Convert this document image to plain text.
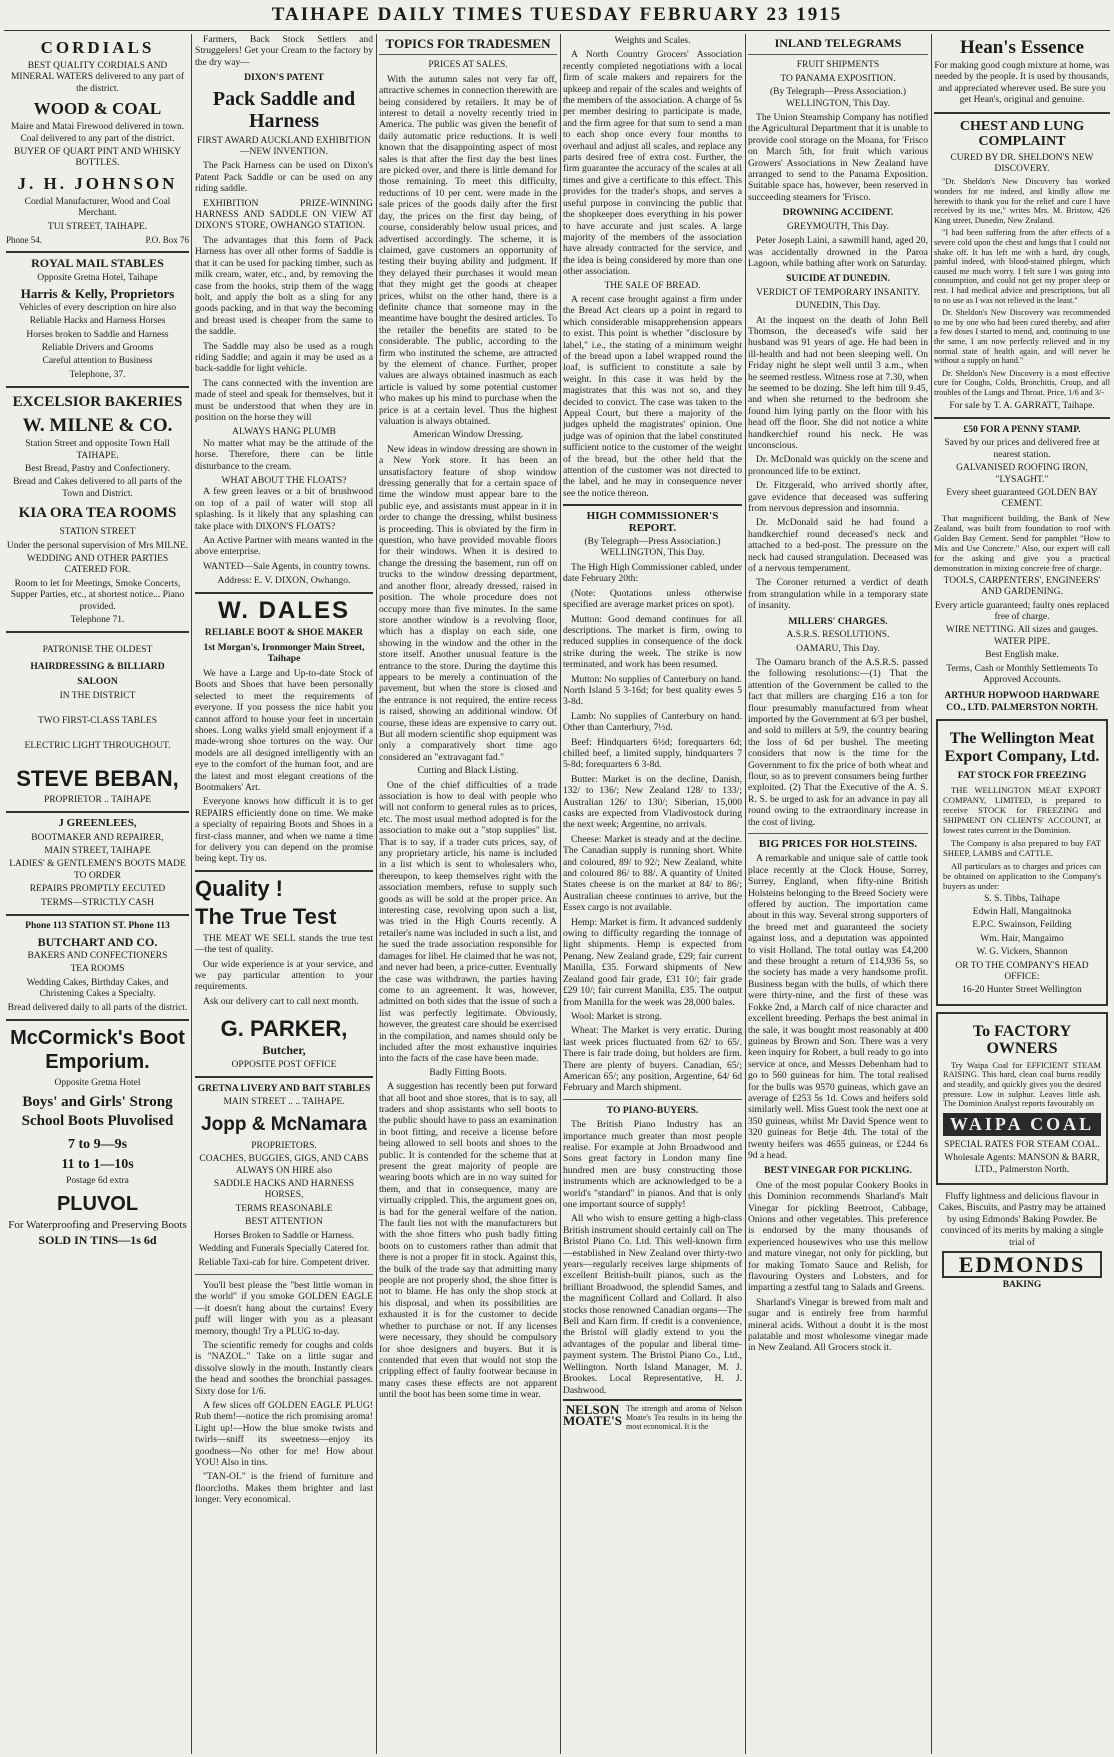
TAIHAPE DAILY TIMES TUESDAY FEBRUARY 23 1915
CORDIALS
BEST QUALITY CORDIALS AND MINERAL WATERS delivered to any part of the district.
WOOD & COAL
Maire and Matai Firewood delivered in town. Coal delivered to any part of the district.
BUYER OF QUART PINT AND WHISKY BOTTLES.
J. H. JOHNSON
Cordial Manufacturer, Wood and Coal Merchant.
TUI STREET, TAIHAPE.
Phone 54.	P.O. Box 76
ROYAL MAIL STABLES
Opposite Gretna Hotel, Taihape
Harris & Kelly, Proprietors
Vehicles of every description on hire also
Reliable Hacks and Harness Horses
Horses broken to Saddle and Harness
Reliable Drivers and Grooms
Careful attention to Business
Telephone, 37.
EXCELSIOR BAKERIES
W. MILNE & CO.
Station Street and opposite Town Hall TAIHAPE.
Best Bread, Pastry and Confectionery.
Bread and Cakes delivered to all parts of the Town and District.
KIA ORA TEA ROOMS
STATION STREET
Under the personal supervision of Mrs MILNE.
WEDDING AND OTHER PARTIES CATERED FOR.
Room to let for Meetings, Smoke Concerts, Supper Parties, etc., at shortest notice... Piano provided.
Telephone 71.
PATRONISE THE OLDEST
HAIRDRESSING & BILLIARD
SALOON
IN THE DISTRICT
TWO FIRST-CLASS TABLES
ELECTRIC LIGHT THROUGHOUT.
STEVE BEBAN,
PROPRIETOR .. TAIHAPE
J GREENLEES,
BOOTMAKER AND REPAIRER,
MAIN STREET, TAIHAPE
LADIES' & GENTLEMEN'S BOOTS MADE TO ORDER
REPAIRS PROMPTLY EECUTED
TERMS—STRICTLY CASH
Phone 113 STATION ST. Phone 113
BUTCHART AND CO.
BAKERS AND CONFECTIONERS
TEA ROOMS
Wedding Cakes, Birthday Cakes, and Christening Cakes a Specialty.
Bread delivered daily to all parts of the district.
McCormick's Boot Emporium.
Opposite Gretna Hotel
Boys' and Girls' Strong School Boots Pluvolised
7 to 9—9s
11 to 1—10s
Postage 6d extra
PLUVOL
For Waterproofing and Preserving Boots
SOLD IN TINS—1s 6d

Farmers, Back Stock Settlers and Struggelers! Get your Cream to the factory by the dry way—

DIXON'S PATENT
Pack Saddle and Harness
FIRST AWARD AUCKLAND EXHIBITION—NEW INVENTION.

The Pack Harness can be used on Dixon's Patent Pack Saddle or can be used on any riding saddle.

EXHIBITION PRIZE-WINNING HARNESS AND SADDLE ON VIEW AT DIXON'S STORE, OWHANGO STATION.

The advantages that this form of Pack Harness has over all other forms of Saddle is that it can be used for packing timber, such as milk cream, water, etc., and, by removing the case from the hooks, strip them of the wagg bolt, and apply the bolt as a sling for any goods packing, and in that way the becoming and breast used is cheaper from the same to the saddle.

The Saddle may also be used as a rough riding Saddle; and again it may be used as a back-saddle for light vehicle.

The cans connected with the invention are made of steel and speak for themselves, but it must be understood that when they are in position on the horse they will

ALWAYS HANG PLUMB

No matter what may be the attitude of the horse. Therefore, there can be little disturbance to the cream.

WHAT ABOUT THE FLOATS?

A few green leaves or a bit of brushwood on top of a pail of water will stop all splashing. Is it likely that any splashing can take place with DIXON'S FLOATS?

An Active Partner with means wanted in the above enterprise.

WANTED—Sale Agents, in country towns.

Address: E. V. DIXON, Owhango.
W. DALES
RELIABLE BOOT & SHOE MAKER
1st Morgan's, Ironmonger Main Street, Taihape

We have a Large and Up-to-date Stock of Boots and Shoes that have been personally selected to meet the requirements of everyone. If you possess the nice habit you cannot afford to house your feet in uncertain shoes. Long walks yield small enjoyment if a made-wrong shoe tortures on the way. Our models are all designed intelligently with an eye to the comfort of the human foot, and are the latest and most elegant creations of the Bootmakers' Art.

Everyone knows how difficult it is to get REPAIRS efficiently done on time. We make a specialty of repairing Boots and Shoes in a first-class manner, and when we name a time for delivery you can depend on the promise being kept. Try us.

Quality !
The True Test

THE MEAT WE SELL stands the true test—the test of quality.

Our wide experience is at your service, and we pay particular attention to your requirements.

Ask our delivery cart to call next month.

G. PARKER,
Butcher,
OPPOSITE POST OFFICE
GRETNA LIVERY AND BAIT STABLES
MAIN STREET .. .. TAIHAPE.
Jopp & McNamara
PROPRIETORS.
COACHES, BUGGIES, GIGS, AND CABS ALWAYS ON HIRE also
SADDLE HACKS AND HARNESS HORSES,
TERMS REASONABLE
BEST ATTENTION
Horses Broken to Saddle or Harness.
Wedding and Funerals Specially Catered for.
Reliable Taxi-cab for hire. Competent driver.

You'll best please the "best little woman in the world" if you smoke GOLDEN EAGLE—it doesn't hang about the curtains! Every puff will linger with you as a pleasant memory, though! Try a PLUG to-day.

The scientific remedy for coughs and colds is "NAZOL." Take on a little sugar and dissolve slowly in the mouth. Instantly clears the head and soothes the bronchial passages. Sixty dose for 1/6.

A few slices off GOLDEN EAGLE PLUG! Rub them!—notice the rich promising aroma! Light up!—How the blue smoke twists and twirls—sniff its sweetness—enjoy its goodness—No other for me! How about YOU! Also in tins.

"TAN-OL" is the friend of furniture and floorcloths. Makes them brighter and last longer. Very economical.

TOPICS FOR TRADESMEN
PRICES AT SALES.

With the autumn sales not very far off, attractive schemes in connection therewith are being considered by retailers. It may be of interest to detail a novelty recently tried in America. The public was given the benefit of daily automatic price reductions. It is well known that the disappointing aspect of most sales is that after the first day the best lines are picked over, and there is little demand for those remaining. To meet this difficulty, reductions of 10 per cent. were made in the sale prices of the goods daily after the first day, the prices on the first day being, of course, considerably below usual prices, and advertised accordingly. The scheme, it is claimed, gave customers an opportunity of testing their buying ability and judgment. If they delayed their purchases it would mean that they might get the goods at cheaper prices, whilst on the other hand, there is a definite chance that someone may in the meantime have bought the desired articles. To the retailer the benefits are stated to be considerable. The public, according to the firm who instituted the scheme, are attracted by the element of chance. Further, proper values are always obtained inasmuch as each article is valued by some potential customer who makes up his mind to purchase when the price is at a certain level. Thus the highest valuation is always obtained.

American Window Dressing.

New ideas in window dressing are shown in a New York store. It has been an unsatisfactory feature of shop window dressing generally that for a certain space of time the window must appear bare to the public eye, and assistants must appear in it in order to change the dressing, whilst business is proceeding. This is obviated by the firm in question, who have provided movable floors for their windows. When it is desired to change the dressing the basement, run off on trucks to the window dressing department, and another floor, already dressed, raised in position. The whole procedure does not occupy more than five minutes. In the same store another window is a revolving floor, which has a display on each side, one showing in the window and the other in the store itself. Another unusual feature is the entrance to the store. During the daytime this appears to be merely a continuation of the pavement, but when the store is closed and the entrance is not required, the entire recess is raised, showing an additional window. Of course, these ideas are expensive to carry out. But all modern scientific shop equipment was only a comparatively short time ago considered an "extravagant fad."

Cutting and Black Listing.

One of the chief difficulties of a trade association is how to deal with people who will not conform to general rules as to prices, etc. The most usual method adopted is for the association to make out a "stop supplies" list. That is to say, if a trader cuts prices, say, of any proprietary article, his name is included in a list which is sent to wholesalers who, thereupon, to keep themselves right with the association members, refuse to supply such goods as will be sold at the proper price. An interesting case, revolving upon such a list, was tried in the High Courts recently. A retailer's name was included in such a list, and he sued the trade association responsible for damages for libel. He claimed that he was not, and never had been, a price-cutter. Eventually the case was withdrawn, the parties having come to an agreement. It was, however, admitted on both sides that the issue of such a list was perfectly legitimate. Obviously, however, the greatest care should be exercised in the compilation, and names should only be included after the most exhaustive inquiries into the facts of the case have been made.

Badly Fitting Boots.

A suggestion has recently been put forward that all boot and shoe stores, that is to say, all traders and shop assistants who sell boots to the public should have to pass an examination in boot fitting, and receive a license before being allowed to sell boots and shoes to the public. It is contended for the scheme that at present the great majority of people are wearing boots which are in no way suited for them, and that in consequence, many are virtually crippled. This, the argument goes on, is bad for the general welfare of the nation. The fault lies not with the manufacturers but with the shoe fitters who push badly fitting boots on to customers rather than admit that there is not a proper fit in stock. Against this, the bulk of the trade say that admitting many people are not properly shod, the shoe fitter is not to blame. He has only the shop stock at his disposal, and when its possibilities are exhausted it is for the customer to decide whether to purchase or not. If any licenses were necessary, they should be compulsory for shoe designers and buyers. But it is contended that even that would not stop the crippling effect of faulty footwear because in many cases these effects are not apparent until the boot has been some time in wear.

Weights and Scales.

A North Country Grocers' Association recently completed negotiations with a local firm of scale makers and repairers for the upkeep and repair of the scales and weights of the members of the association. A charge of 5s per member desiring to participate is made, and the firm agree for that sum to send a man to each shop once every four months to overhaul and adjust all scales, and replace any parts desired free of extra cost. Further, the firm guarantee the accuracy of the scales at all times and give a certificate to this effect. This provides for the trader's shops, and serves a useful purpose in convincing the public that the shopkeeper does everything in his power to have accurate and just scales. A large majority of the members of the association have already contracted for the service, and the idea is being considered by more than one other association.

THE SALE OF BREAD.

A recent case brought against a firm under the Bread Act clears up a point in regard to which considerable misapprehension appears to exist. This point is whether "disclosure by label," i.e., the stating of a minimum weight of the bread upon a label wrapped round the loaf, is sufficient to constitute a sale by weight. In this case it was held by the magistrates that this was not so, and they decided to convict. The case was taken to the Appeal Court, but there a majority of the judges upheld the magistrates' opinion. One judge was of opinion that the label constituted sufficient notice to the customer of the weight of the bread, but the other held that the attention of the customer was not directed to the label, and he may in consequence never see the notice thereon.

HIGH COMMISSIONER'S REPORT.
(By Telegraph—Press Association.) WELLINGTON, This Day.

The High High Commissioner cabled, under date February 20th:

(Note: Quotations unless otherwise specified are average market prices on spot).

Mutton: Good demand continues for all descriptions. The market is firm, owing to reduced supplies in consequence of the dock strike during the week. The strike is now terminated, and work has been resumed.

Mutton: No supplies of Canterbury on hand. North Island 5 3-16d; for best quality ewes 5 3-8d.

Lamb: No supplies of Canterbury on hand. Other than Canterbury, 7½d.

Beef: Hindquarters 6½d; forequarters 6d; chilled beef, a limited supply, hindquarters 7 5-8d; forequarters 6 3-8d.

Butter: Market is on the decline, Danish, 132/ to 136/; New Zealand 128/ to 133/; Australian 126/ to 130/; Siberian, 15,000 casks are expected from Vladivostock during the next week; Argentine, no arrivals.

Cheese: Market is steady and at the decline. The Canadian supply is running short. White and coloured, 89/ to 92/; New Zealand, white and coloured 86/ to 88/. A quantity of United States cheese is on the market at 84/ to 86/; Australian cheese continues to arrive, but the Essex cargo is not available.

Hemp: Market is firm. It advanced suddenly owing to difficulty regarding the tonnage of light shipments. Hemp is expected from Penang. New Zealand grade, £29; fair current Manilla, £35. Forward shipments of New Zealand good fair grade, £31 10/; fair grade £29 10/; fair current Manilla, £35. The output from Manilla for the week was 28,000 bales.

Wool: Market is strong.

Wheat: The Market is very erratic. During last week prices fluctuated from 62/ to 65/. There is fair trade doing, but holders are firm. There are plenty of buyers. Canadian, 65/; American 65/; any position, Argentine, 64/ 6d February and March shipment.

TO PIANO-BUYERS.

The British Piano Industry has an importance much greater than most people realise. For example at John Broadwood and Sons great factory in London many fine hundred men are busy constructing those instruments which are acknowledged to be a world's "standard" in pianos. And that is only one important source of supply!

All who wish to ensure getting a high-class British instrument should certainly call on The Bristol Piano Co. Ltd. This well-known firm—established in New Zealand over thirty-two years—regularly receives large shipments of excellent British-built pianos, such as the brilliant Broadwood, the splendid Sames, and the magnificent Collard and Collard. It also stocks those renowned Canadian organs—The Bell and Karn firm. If credit is a convenience, the Bristol will gladly extend to you the advantages of the popular and liberal time-payment system. The Bristol Piano Co., Ltd., Wellington. North Island Manager, M. J. Brookes. Local Representative, H. J. Dashwood.

NELSON MOATE'S
The strength and aroma of Nelson Moate's Tea results in its being the most economical. It is the
INLAND TELEGRAMS
FRUIT SHIPMENTS
TO PANAMA EXPOSITION.
(By Telegraph—Press Association.) WELLINGTON, This Day.

The Union Steamship Company has notified the Agricultural Department that it is unable to provide cool storage on the Moana, for 'Frisco on March 5th, for fruit which various Growers' Associations in New Zealand have arranged to send to the Panama Exposition. Suitable space has, however, been reserved in succeeding steamers for 'Frisco.

DROWNING ACCIDENT.
GREYMOUTH, This Day.

Peter Joseph Laini, a sawmill hand, aged 20, was accidentally drowned in the Paroa Lagoon, while bathing after work on Saturday.

SUICIDE AT DUNEDIN.
VERDICT OF TEMPORARY INSANITY.
DUNEDIN, This Day.

At the inquest on the death of John Bell Thomson, the deceased's wife said her husband was 91 years of age. He had been in ill-health and had not been sleeping well. On Friday night he slept well until 3 a.m., when he seemed restless. Witness rose at 7.30, when he seemed to be dozing. She left him till 9.45, and when she returned to the bedroom she found him lying partly on the floor with his head off the floor. She did not notice a white handkerchief round his neck. He was unconscious.

Dr. McDonald was quickly on the scene and pronounced life to be extinct.

Dr. Fitzgerald, who arrived shortly after, gave evidence that deceased was suffering from nervous depression and insomnia.

Dr. McDonald said he had found a handkerchief round deceased's neck and attached to a bed-post. The pressure on the neck had caused strangulation. Deceased was of a nervous temperament.

The Coroner returned a verdict of death from strangulation while in a temporary state of insanity.

MILLERS' CHARGES.
A.S.R.S. RESOLUTIONS.
OAMARU, This Day.

The Oamaru branch of the A.S.R.S. passed the following resolutions:—(1) That the attention of the Government be called to the fact that millers are charging £16 a ton for flour presumably manufactured from wheat imported by the Government at 6/3 per bushel, and sold to millers at 5/9, the country bearing the loss of 6d per bushel. The meeting considers that now is the time for the Government to fix the price of both wheat and flour, so as to prevent consumers being further exploited. (2) That the Executive of the A. S. R. S. be urged to ask for an advance in pay all round owing to the extraordinary increase in the cost of living.

BIG PRICES FOR HOLSTEINS.

A remarkable and unique sale of cattle took place recently at the Clock House, Sorrey, Surrey, England, when fifty-nine British Holsteins belonging to the Breed Society were offered by auction. The importation came about in this way. Several strong supporters of the breed met and guaranteed the society against loss, and a deputation was appointed to visit Holland. The total outlay was £4,200 and these brought a return of £14,936 5s, so the society has made a very handsome profit. Business began with the bulls, of which there were thirty-nine, and the first of these was Fokke 2nd, a March calf of nice character and excellent breeding. Perhaps the best animal in the sale, it was bought most reasonably at 400 guineas by Brown and Son. There was a very keen inquiry for Robert, a bull ready to go into service at once, and Messrs Debenham had to go to 560 guineas for him. The total realised for the bulls was 9570 guineas, which gave an average of £253 5s 1d. Cows and heifers sold similarly well. Miss Guest took the next one at 350 guineas, whilst Mr David Spence went to 320 guineas for Betje 4th. The total of the twenty heifers was 4655 guineas, or £244 6s 9d a head.

BEST VINEGAR FOR PICKLING.

One of the most popular Cookery Books in this Dominion recommends Sharland's Malt Vinegar for pickling Beetroot, Cabbage, Onions and other vegetables. This preference is endorsed by the many thousands of experienced housewives who use this mellow and mature vinegar, not only for pickling, but for making Tomato Sauce and Relish, for flavouring Oysters and Lobsters, and for imparting a zestful tang to Salads and Greens.

Sharland's Vinegar is brewed from malt and sugar and is entirely free from harmful mineral acids. Without a doubt it is the most palatable and most wholesome vinegar made in New Zealand. All Grocers stock it.

Hean's Essence
For making good cough mixture at home, was needed by the people. It is used by thousands, and appreciated wherever used. Be sure you get Hean's, original and genuine.
CHEST AND LUNG COMPLAINT
CURED BY DR. SHELDON'S NEW DISCOVERY.

"Dr. Sheldon's New Discovery has worked wonders for me indeed, and kindly allow me herewith to thank you for the relief and cure I have received by its use," writes Mrs. M. Bristow, 426 King street, Dunedin, New Zealand.

"I had been suffering from the after effects of a severe cold upon the chest and lungs that I could not shake off. It has left me with a hard, dry cough, painful indeed, with blood-stained phlegm, which caused me much worry. I felt sure I was going into consumption, and could not get my proper sleep or rest. I had medical advice and prescriptions, but all to no use as I was not relieved in the least."

Dr. Sheldon's New Discovery was recommended to me by one who had been cured thereby, and after a few doses I started to mend, and, continuing to use the same, I am now perfectly relieved and in my normal state of health again, and will never be without a supply on hand."

Dr. Sheldon's New Discovery is a most effective cure for Coughs, Colds, Bronchitis, Croup, and all troubles of the Lungs and Throat. Price, 1/6 and 3/-

For sale by T. A. GARRATT, Taihape.
£50 FOR A PENNY STAMP.
Saved by our prices and delivered free at nearest station.
GALVANISED ROOFING IRON, "LYSAGHT."
Every sheet guaranteed GOLDEN BAY CEMENT.

That magnificent building, the Bank of New Zealand, was built from foundation to roof with Golden Bay Cement. Send for pamphlet "How to Mix and Use Concrete." Also, our expert will call for the asking and give you a practical demonstration in mixing concrete free of charge.

TOOLS, CARPENTERS', ENGINEERS' AND GARDENING.
Every article guaranteed; faulty ones replaced free of charge.
WIRE NETTING. All sizes and gauges. WATER PIPE.
Best English make.
Terms, Cash or Monthly Settlements To Approved Accounts.
ARTHUR HOPWOOD HARDWARE CO., LTD. PALMERSTON NORTH.
The Wellington Meat Export Company, Ltd.
FAT STOCK FOR FREEZING

THE WELLINGTON MEAT EXPORT COMPANY, LIMITED, is prepared to receive STOCK for FREEZING and SHIPMENT ON CLIENTS' ACCOUNT, at lowest rates current in the Dominion.

The Company is also prepared to buy FAT SHEEP, LAMBS and CATTLE.

All particulars as to charges and prices can be obtained on application to the Company's buyers as under:

S. S. Tibbs, Taihape
Edwin Hall, Mangaitnoka
E.P.C. Swainson, Feilding
Wm. Hair, Mangaimo
W. G. Vickers, Shannon
OR TO THE COMPANY'S HEAD OFFICE:
16-20 Hunter Street Wellington
To FACTORY OWNERS

Try Waipa Coal for EFFICIENT STEAM RAISING. This hard, clean coal burns readily and steadily, and quickly gives you the desired pressure. Low in sulphur. Leaves little ash. The Dominion Analyst reports favourably on

WAIPA COAL
SPECIAL RATES FOR STEAM COAL.
Wholesale Agents: MANSON & BARR, LTD., Palmerston North.

Fluffy lightness and delicious flavour in Cakes, Biscuits, and Pastry may be attained by using Edmonds' Baking Powder. Be convinced of its merits by making a single trial of

EDMONDS
BAKING
